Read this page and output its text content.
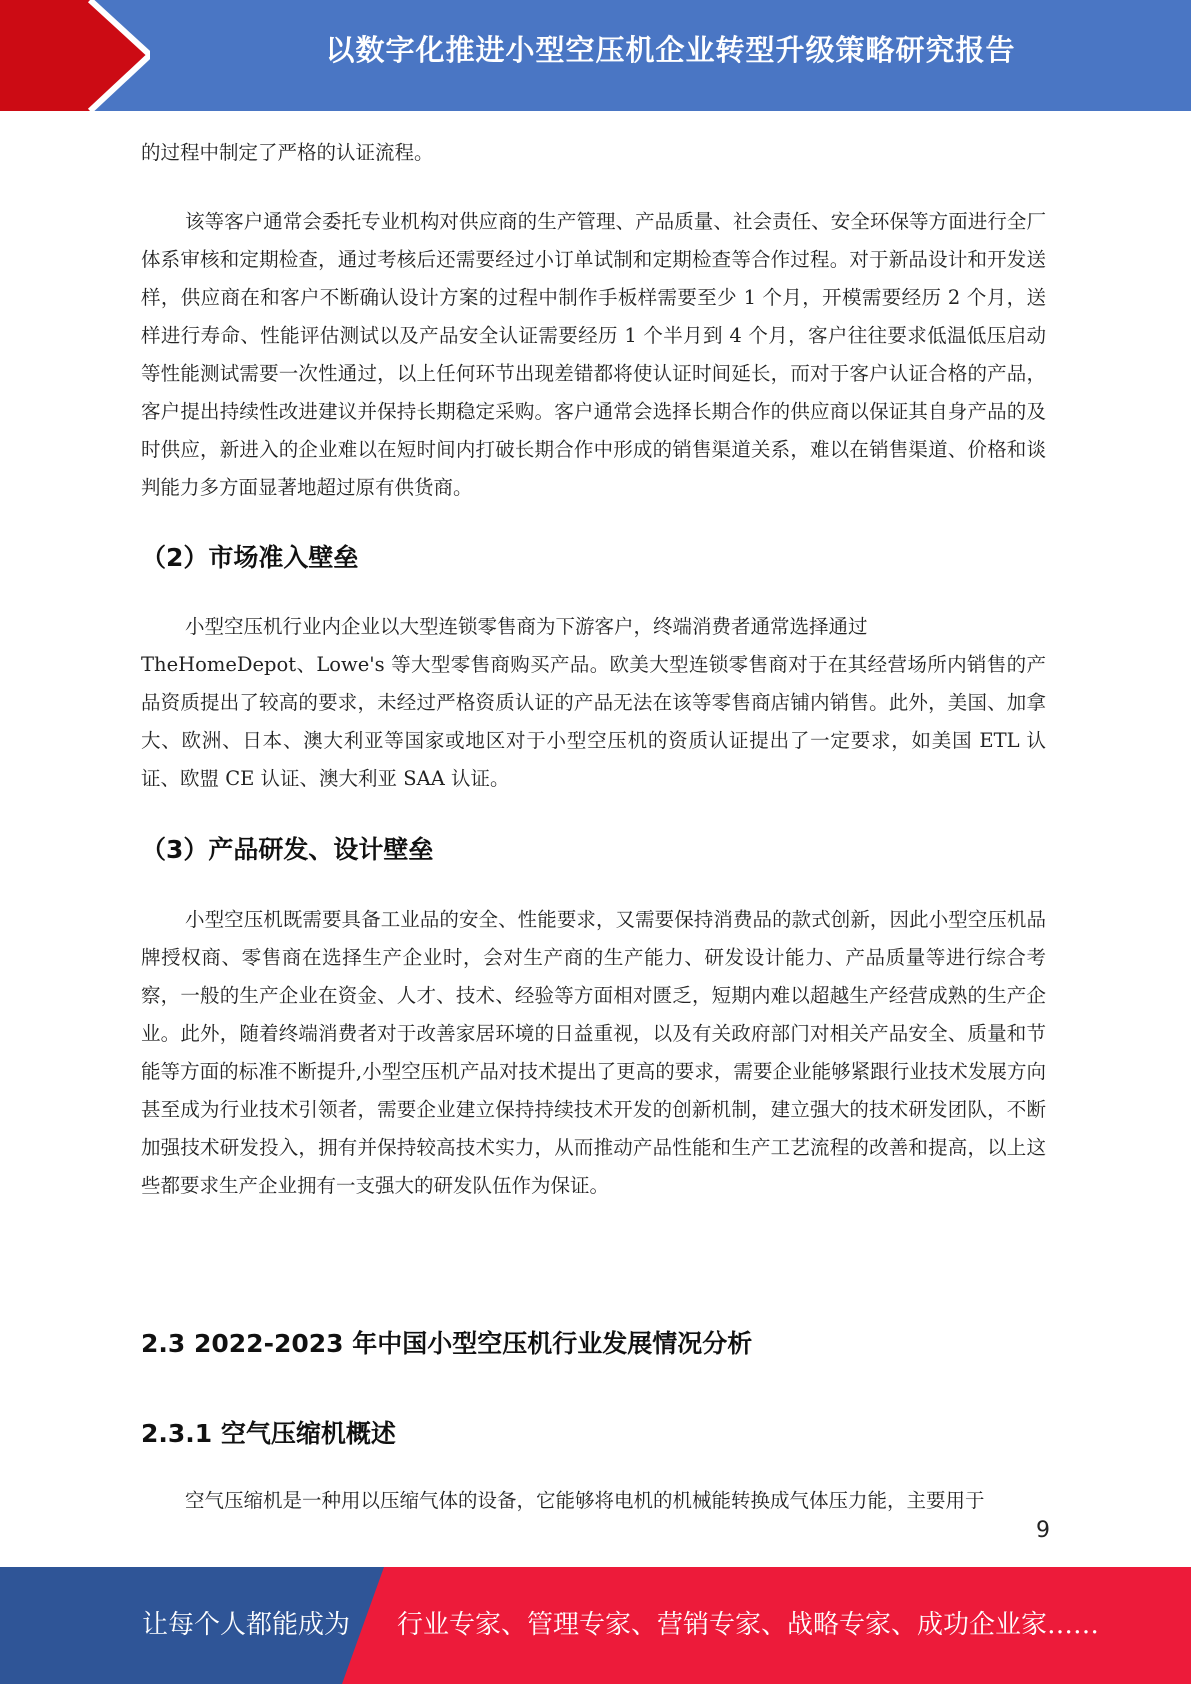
以数字化推进小型空压机企业转型升级策略研究报告

的过程中制定了严格的认证流程。

该等客户通常会委托专业机构对供应商的生产管理、产品质量、社会责任、安全环保等方面进行全厂体系审核和定期检查，通过考核后还需要经过小订单试制和定期检查等合作过程。对于新品设计和开发送样，供应商在和客户不断确认设计方案的过程中制作手板样需要至少 1 个月，开模需要经历 2 个月，送样进行寿命、性能评估测试以及产品安全认证需要经历 1 个半月到 4 个月，客户往往要求低温低压启动等性能测试需要一次性通过，以上任何环节出现差错都将使认证时间延长，而对于客户认证合格的产品，客户提出持续性改进建议并保持长期稳定采购。客户通常会选择长期合作的供应商以保证其自身产品的及时供应，新进入的企业难以在短时间内打破长期合作中形成的销售渠道关系，难以在销售渠道、价格和谈判能力多方面显著地超过原有供货商。

（2）市场准入壁垒

小型空压机行业内企业以大型连锁零售商为下游客户，终端消费者通常选择通过

TheHomeDepot、Lowe's 等大型零售商购买产品。欧美大型连锁零售商对于在其经营场所内销售的产品资质提出了较高的要求，未经过严格资质认证的产品无法在该等零售商店铺内销售。此外，美国、加拿大、欧洲、日本、澳大利亚等国家或地区对于小型空压机的资质认证提出了一定要求，如美国 ETL 认证、欧盟 CE 认证、澳大利亚 SAA 认证。

（3）产品研发、设计壁垒

小型空压机既需要具备工业品的安全、性能要求，又需要保持消费品的款式创新，因此小型空压机品牌授权商、零售商在选择生产企业时，会对生产商的生产能力、研发设计能力、产品质量等进行综合考察，一般的生产企业在资金、人才、技术、经验等方面相对匮乏，短期内难以超越生产经营成熟的生产企业。此外，随着终端消费者对于改善家居环境的日益重视，以及有关政府部门对相关产品安全、质量和节能等方面的标准不断提升,小型空压机产品对技术提出了更高的要求，需要企业能够紧跟行业技术发展方向甚至成为行业技术引领者，需要企业建立保持持续技术开发的创新机制，建立强大的技术研发团队，不断加强技术研发投入，拥有并保持较高技术实力，从而推动产品性能和生产工艺流程的改善和提高，以上这些都要求生产企业拥有一支强大的研发队伍作为保证。

2.3 2022-2023 年中国小型空压机行业发展情况分析
2.3.1 空气压缩机概述

空气压缩机是一种用以压缩气体的设备，它能够将电机的机械能转换成气体压力能，主要用于

9
让每个人都能成为 行业专家、管理专家、营销专家、战略专家、成功企业家……
